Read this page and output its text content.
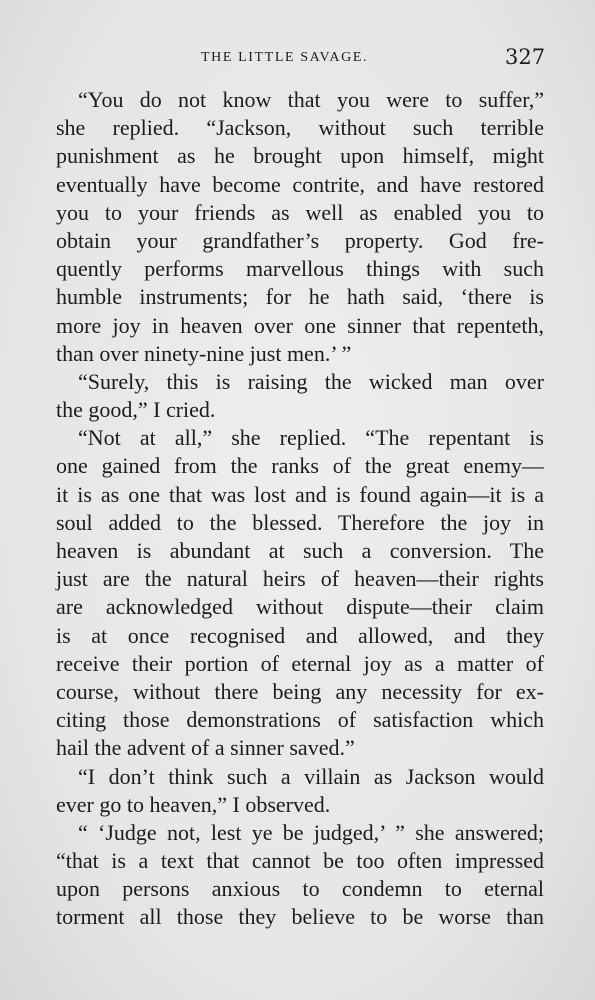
THE LITTLE SAVAGE.	327
“You do not know that you were to suffer,”
she replied. “Jackson, without such terrible
punishment as he brought upon himself, might
eventually have become contrite, and have restored
you to your friends as well as enabled you to
obtain your grandfather’s property. God fre-
quently performs marvellous things with such
humble instruments; for he hath said, ‘there is
more joy in heaven over one sinner that repenteth,
than over ninety-nine just men.’ ”
“Surely, this is raising the wicked man over
the good,” I cried.
“Not at all,” she replied. “The repentant is
one gained from the ranks of the great enemy—
it is as one that was lost and is found again—it is a
soul added to the blessed. Therefore the joy in
heaven is abundant at such a conversion. The
just are the natural heirs of heaven—their rights
are acknowledged without dispute—their claim
is at once recognised and allowed, and they
receive their portion of eternal joy as a matter of
course, without there being any necessity for ex-
citing those demonstrations of satisfaction which
hail the advent of a sinner saved.”
“I don’t think such a villain as Jackson would
ever go to heaven,” I observed.
“ ‘Judge not, lest ye be judged,’ ” she answered;
“that is a text that cannot be too often impressed
upon persons anxious to condemn to eternal
torment all those they believe to be worse than
